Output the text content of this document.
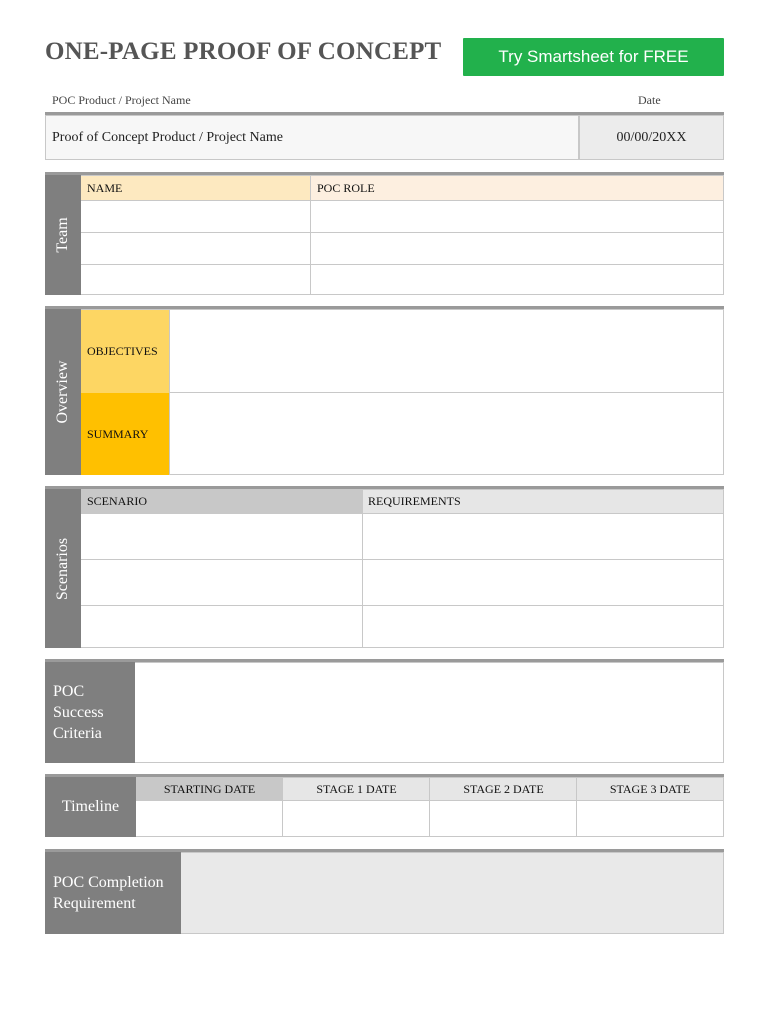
ONE-PAGE PROOF OF CONCEPT	Try Smartsheet for FREE
POC Product / Project Name	Date
Proof of Concept Product / Project Name	00/00/20XX
Team
NAME	POC ROLE
Overview
OBJECTIVES
SUMMARY
Scenarios
SCENARIO	REQUIREMENTS
POC Success Criteria
Timeline
STARTING DATE	STAGE 1 DATE	STAGE 2 DATE	STAGE 3 DATE
POC Completion Requirement
